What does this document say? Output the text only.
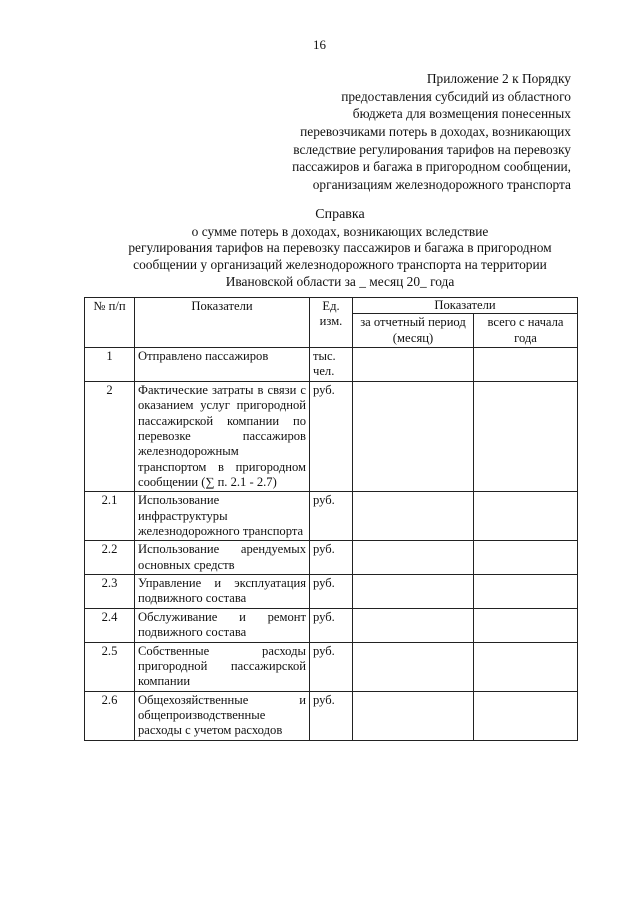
16
Приложение 2 к Порядку
предоставления субсидий из областного
бюджета для возмещения понесенных
перевозчиками потерь в доходах, возникающих
вследствие регулирования тарифов на перевозку
пассажиров и багажа в пригородном сообщении,
организациям железнодорожного транспорта
Справка
о сумме потерь в доходах, возникающих вследствие
регулирования тарифов на перевозку пассажиров и багажа в пригородном
сообщении у организаций железнодорожного транспорта на территории
Ивановской области за _ месяц 20_ года
№ п/п	Показатели	Ед. изм.	Показатели	
			за отчетный период (месяц)	всего с начала года
1	Отправлено пассажиров	тыс. чел.		
2	Фактические затраты в связи с оказанием услуг пригородной пассажирской компании по перевозке пассажиров железнодорожным транспортом в пригородном сообщении (∑ п. 2.1 - 2.7)	руб.		
2.1	Использование инфраструктуры железнодорожного транспорта	руб.		
2.2	Использование арендуемых основных средств	руб.		
2.3	Управление и эксплуатация подвижного состава	руб.		
2.4	Обслуживание и ремонт подвижного состава	руб.		
2.5	Собственные расходы пригородной пассажирской компании	руб.		
2.6	Общехозяйственные и общепроизводственные расходы с учетом расходов	руб.		
